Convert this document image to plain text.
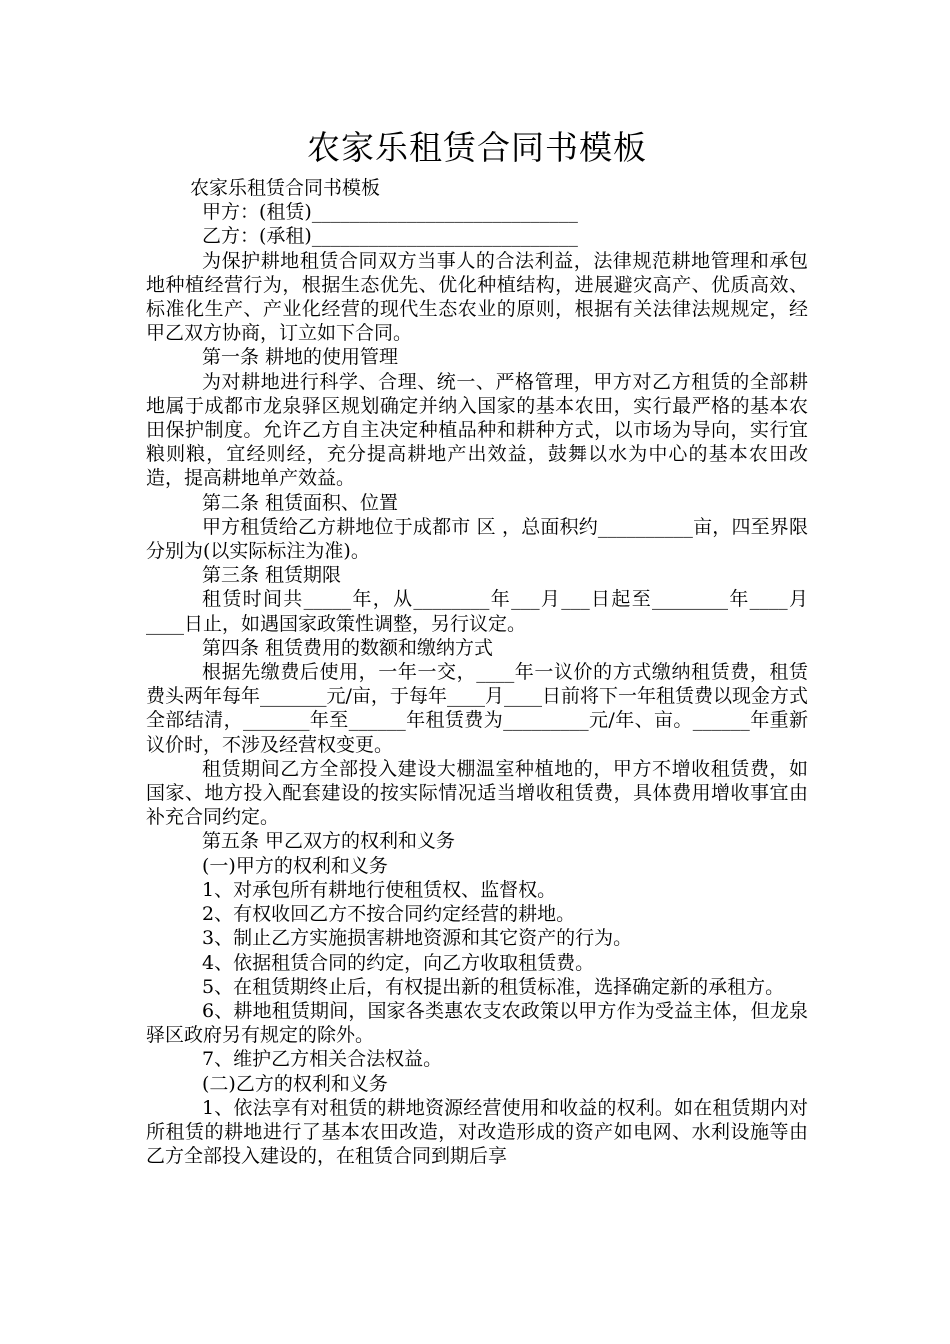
农家乐租赁合同书模板

农家乐租赁合同书模板

甲方：(租赁)____________________________

乙方：(承租)____________________________

为保护耕地租赁合同双方当事人的合法利益，法律规范耕地管理和承包地种植经营行为，根据生态优先、优化种植结构，进展避灾高产、优质高效、标准化生产、产业化经营的现代生态农业的原则，根据有关法律法规规定，经甲乙双方协商，订立如下合同。

第一条 耕地的使用管理

为对耕地进行科学、合理、统一、严格管理，甲方对乙方租赁的全部耕地属于成都市龙泉驿区规划确定并纳入国家的基本农田，实行最严格的基本农田保护制度。允许乙方自主决定种植品种和耕种方式，以市场为导向，实行宜粮则粮，宜经则经，充分提高耕地产出效益，鼓舞以水为中心的基本农田改造，提高耕地单产效益。

第二条 租赁面积、位置

甲方租赁给乙方耕地位于成都市 区 ，总面积约__________亩，四至界限分别为(以实际标注为准)。

第三条 租赁期限

租赁时间共_____年，从________年___月___日起至________年____月____日止，如遇国家政策性调整，另行议定。

第四条 租赁费用的数额和缴纳方式

根据先缴费后使用，一年一交，____年一议价的方式缴纳租赁费，租赁费头两年每年_______元/亩，于每年____月____日前将下一年租赁费以现金方式全部结清，_______年至______年租赁费为_________元/年、亩。______年重新议价时，不涉及经营权变更。

租赁期间乙方全部投入建设大棚温室种植地的，甲方不增收租赁费，如国家、地方投入配套建设的按实际情况适当增收租赁费，具体费用增收事宜由补充合同约定。

第五条 甲乙双方的权利和义务

(一)甲方的权利和义务

1、对承包所有耕地行使租赁权、监督权。

2、有权收回乙方不按合同约定经营的耕地。

3、制止乙方实施损害耕地资源和其它资产的行为。

4、依据租赁合同的约定，向乙方收取租赁费。

5、在租赁期终止后，有权提出新的租赁标准，选择确定新的承租方。

6、耕地租赁期间，国家各类惠农支农政策以甲方作为受益主体，但龙泉驿区政府另有规定的除外。

7、维护乙方相关合法权益。

(二)乙方的权利和义务

1、依法享有对租赁的耕地资源经营使用和收益的权利。如在租赁期内对所租赁的耕地进行了基本农田改造，对改造形成的资产如电网、水利设施等由乙方全部投入建设的，在租赁合同到期后享
